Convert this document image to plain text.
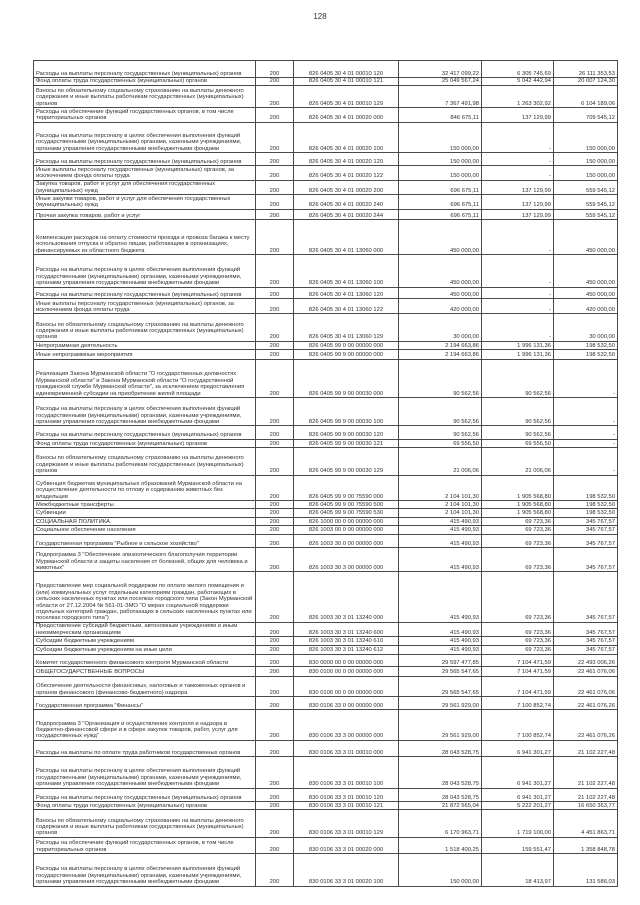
128
Расходы на выплаты персоналу государственных (муниципальных) органов	200	826 0405 30 4 01 00010 120	32 417 099,22	6 305 745,69	26 111 353,53

Фонд оплаты труда государственных (муниципальных) органов	200	826 0405 30 4 01 00010 121	25 049 567,24	5 042 442,94	20 007 124,30

Взносы по обязательному социальному страхованию на выплаты денежного содержания и иные выплаты работникам государственных (муниципальных) органов	200	826 0405 30 4 01 00010 129	7 367 491,98	1 263 302,92	6 104 189,06

Расходы на обеспечение функций государственных органов, в том числе территориальных органов	200	826 0405 30 4 01 00020 000	846 675,11	137 129,99	709 545,12

Расходы на выплаты персоналу в целях обеспечения выполнения функций государственными (муниципальными) органами, казенными учреждениями, органами управления государственными внебюджетными фондами	200	826 0405 30 4 01 00020 100	150 000,00	-	150 000,00

Расходы на выплаты персоналу государственных (муниципальных) органов	200	826 0405 30 4 01 00020 120	150 000,00	-	150 000,00

Иные выплаты персоналу государственных (муниципальных) органов, за исключением фонда оплаты труда	200	826 0405 30 4 01 00020 122	150 000,00	-	150 000,00

Закупка товаров, работ и услуг для обеспечения государственных (муниципальных) нужд	200	826 0405 30 4 01 00020 200	696 675,11	137 129,99	559 545,12

Иные закупки товаров, работ и услуг для обеспечения государственных (муниципальных) нужд	200	826 0405 30 4 01 00020 240	696 675,11	137 129,99	559 545,12

Прочая закупка товаров, работ и услуг	200	826 0405 30 4 01 00020 244	696 675,11	137 129,99	559 545,12

Компенсация расходов на оплату стоимости проезда и провоза багажа к месту использования отпуска и обратно лицам, работающим в организациях, финансируемых из областного бюджета	200	826 0405 30 4 01 13060 000	450 000,00	-	450 000,00

Расходы на выплаты персоналу в целях обеспечения выполнения функций государственными (муниципальными) органами, казенными учреждениями, органами управления государственными внебюджетными фондами	200	826 0405 30 4 01 13060 100	450 000,00	-	450 000,00

Расходы на выплаты персоналу государственных (муниципальных) органов	200	826 0405 30 4 01 13060 120	450 000,00	-	450 000,00

Иные выплаты персоналу государственных (муниципальных) органов, за исключением фонда оплаты труда	200	826 0405 30 4 01 13060 122	420 000,00	-	420 000,00

Взносы по обязательному социальному страхованию на выплаты денежного содержания и иные выплаты работникам государственных (муниципальных) органов	200	826 0405 30 4 01 13060 129	30 000,00	-	30 000,00

Непрограммная деятельность	200	826 0405 99 0 00 00000 000	2 194 663,86	1 996 131,36	198 532,50

Иные непрограммные мероприятия	200	826 0405 99 9 00 00000 000	2 194 663,86	1 996 131,36	198 532,50

Реализация Закона Мурманской области "О государственных должностях Мурманской области" и Закона Мурманской области "О государственной гражданской службе Мурманской области", за исключением предоставления единовременной субсидии на приобретение жилой площади	200	826 0405 99 9 00 00030 000	90 562,56	90 562,56	-

Расходы на выплаты персоналу в целях обеспечения выполнения функций государственными (муниципальными) органами, казенными учреждениями, органами управления государственными внебюджетными фондами	200	826 0405 99 9 00 00030 100	90 562,56	90 562,56	-

Расходы на выплаты персоналу государственных (муниципальных) органов	200	826 0405 99 9 00 00030 120	90 562,56	90 562,56	-

Фонд оплаты труда государственных (муниципальных) органов	200	826 0405 99 9 00 00030 121	69 556,50	69 556,50	-

Взносы по обязательному социальному страхованию на выплаты денежного содержания и иные выплаты работникам государственных (муниципальных) органов	200	826 0405 99 9 00 00030 129	21 006,06	21 006,06	-

Субвенция бюджетам муниципальных образований Мурманской области на осуществление деятельности по отлову и содержанию животных без владельцев	200	826 0405 99 9 00 75590 000	2 104 101,30	1 905 568,80	198 532,50

Межбюджетные трансферты	200	826 0405 99 9 00 75590 500	2 104 101,30	1 905 568,80	198 532,50

Субвенции	200	826 0405 99 9 00 75590 530	2 104 101,30	1 905 568,80	198 532,50

СОЦИАЛЬНАЯ ПОЛИТИКА	200	826 1000 00 0 00 00000 000	415 490,93	69 723,36	345 767,57

Социальное обеспечение населения	200	826 1003 00 0 00 00000 000	415 490,93	69 723,36	345 767,57

Государственная программа "Рыбное и сельское хозяйство"	200	826 1003 30 0 00 00000 000	415 490,93	69 723,36	345 767,57

Подпрограмма 3 "Обеспечение эпизоотического благополучия территории Мурманской области и защиты населения от болезней, общих для человека и животных"	200	826 1003 30 3 00 00000 000	415 490,93	69 723,36	345 767,57

Предоставление мер социальной поддержки по оплате жилого помещения и (или) коммунальных услуг отдельным категориям граждан, работающих в сельских населенных пунктах или поселках городского типа (Закон Мурманской области от 27.12.2004 № 561-01-ЗМО "О мерах социальной поддержки отдельных категорий граждан, работающих в сельских населенных пунктах или поселках городского типа")	200	826 1003 30 3 01 13240 000	415 490,93	69 723,36	345 767,57

Предоставление субсидий бюджетным, автономным учреждениям и иным некоммерческим организациям	200	826 1003 30 3 01 13240 600	415 490,93	69 723,36	345 767,57

Субсидии бюджетным учреждениям	200	826 1003 30 3 01 13240 610	415 490,93	69 723,36	345 767,57

Субсидии бюджетным учреждениям на иные цели	200	826 1003 30 3 01 13240 612	415 490,93	69 723,36	345 767,57

Комитет государственного финансового контроля Мурманской области	200	830 0000 00 0 00 00000 000	29 597 477,85	7 104 471,59	22 493 006,26

ОБЩЕГОСУДАРСТВЕННЫЕ ВОПРОСЫ	200	830 0100 00 0 00 00000 000	29 565 547,65	7 104 471,59	22 461 076,06

Обеспечение деятельности финансовых, налоговых и таможенных органов и органов финансового (финансово-бюджетного) надзора	200	830 0106 00 0 00 00000 000	29 565 547,65	7 104 471,59	22 461 076,06

Государственная программа "Финансы"	200	830 0106 33 0 00 00000 000	29 561 929,00	7 100 852,74	22 461 076,26

Подпрограмма 3 "Организация и осуществление контроля и надзора в бюджетно-финансовой сфере и в сфере закупок товаров, работ, услуг для государственных нужд"	200	830 0106 33 3 00 00000 000	29 561 929,00	7 100 852,74	22 461 076,26

Расходы на выплаты по оплате труда работников государственных органов	200	830 0106 33 3 01 00010 000	28 043 528,75	6 941 301,27	21 102 227,48

Расходы на выплаты персоналу в целях обеспечения выполнения функций государственными (муниципальными) органами, казенными учреждениями, органами управления государственными внебюджетными фондами	200	830 0106 33 3 01 00010 100	28 043 528,75	6 941 301,27	21 102 227,48

Расходы на выплаты персоналу государственных (муниципальных) органов	200	830 0106 33 3 01 00010 120	28 043 528,75	6 941 301,27	21 102 227,48

Фонд оплаты труда государственных (муниципальных) органов	200	830 0106 33 3 01 00010 121	21 872 565,04	5 222 201,27	16 650 363,77

Взносы по обязательному социальному страхованию на выплаты денежного содержания и иные выплаты работникам государственных (муниципальных) органов	200	830 0106 33 3 01 00010 129	6 170 963,71	1 719 100,00	4 451 863,71

Расходы на обеспечение функций государственных органов, в том числе территориальных органов	200	830 0106 33 3 01 00020 000	1 518 400,25	159 551,47	1 358 848,78

Расходы на выплаты персоналу в целях обеспечения выполнения функций государственными (муниципальными) органами, казенными учреждениями, органами управления государственными внебюджетными фондами	200	830 0106 33 3 01 00020 100	150 000,00	18 413,97	131 586,03
